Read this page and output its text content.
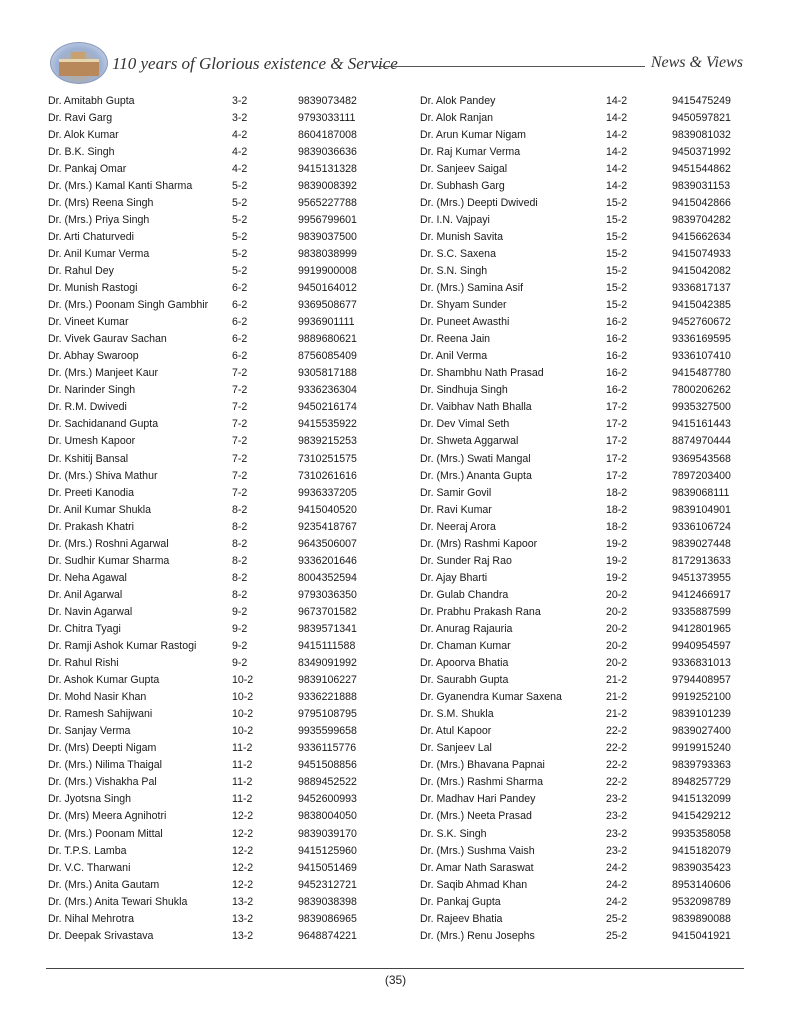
110 years of Glorious existence & Service	News & Views
Dr. Amitabh Gupta	3-2	9839073482	Dr. Alok Pandey	14-2	9415475249
Dr. Ravi Garg	3-2	9793033111	Dr. Alok Ranjan	14-2	9450597821
Dr. Alok Kumar	4-2	8604187008	Dr. Arun Kumar Nigam	14-2	9839081032
Dr. B.K. Singh	4-2	9839036636	Dr. Raj Kumar Verma	14-2	9450371992
Dr. Pankaj Omar	4-2	9415131328	Dr. Sanjeev Saigal	14-2	9451544862
Dr. (Mrs.) Kamal Kanti Sharma	5-2	9839008392	Dr. Subhash Garg	14-2	9839031153
Dr. (Mrs) Reena Singh	5-2	9565227788	Dr. (Mrs.) Deepti Dwivedi	15-2	9415042866
Dr. (Mrs.) Priya Singh	5-2	9956799601	Dr. I.N. Vajpayi	15-2	9839704282
Dr. Arti Chaturvedi	5-2	9839037500	Dr. Munish Savita	15-2	9415662634
Dr. Anil Kumar Verma	5-2	9838038999	Dr. S.C. Saxena	15-2	9415074933
Dr. Rahul Dey	5-2	9919900008	Dr. S.N. Singh	15-2	9415042082
Dr. Munish Rastogi	6-2	9450164012	Dr. (Mrs.) Samina Asif	15-2	9336817137
Dr. (Mrs.) Poonam Singh Gambhir	6-2	9369508677	Dr. Shyam Sunder	15-2	9415042385
Dr. Vineet Kumar	6-2	9936901111	Dr. Puneet Awasthi	16-2	9452760672
Dr. Vivek Gaurav Sachan	6-2	9889680621	Dr. Reena Jain	16-2	9336169595
Dr. Abhay Swaroop	6-2	8756085409	Dr. Anil Verma	16-2	9336107410
Dr. (Mrs.) Manjeet Kaur	7-2	9305817188	Dr. Shambhu Nath Prasad	16-2	9415487780
Dr. Narinder Singh	7-2	9336236304	Dr. Sindhuja Singh	16-2	7800206262
Dr. R.M. Dwivedi	7-2	9450216174	Dr. Vaibhav Nath Bhalla	17-2	9935327500
Dr. Sachidanand Gupta	7-2	9415535922	Dr. Dev Vimal Seth	17-2	9415161443
Dr. Umesh Kapoor	7-2	9839215253	Dr. Shweta Aggarwal	17-2	8874970444
Dr. Kshitij Bansal	7-2	7310251575	Dr. (Mrs.) Swati Mangal	17-2	9369543568
Dr. (Mrs.) Shiva Mathur	7-2	7310261616	Dr. (Mrs.) Ananta Gupta	17-2	7897203400
Dr. Preeti Kanodia	7-2	9936337205	Dr. Samir Govil	18-2	9839068111
Dr. Anil Kumar Shukla	8-2	9415040520	Dr. Ravi Kumar	18-2	9839104901
Dr. Prakash Khatri	8-2	9235418767	Dr. Neeraj Arora	18-2	9336106724
Dr. (Mrs.) Roshni Agarwal	8-2	9643506007	Dr. (Mrs) Rashmi Kapoor	19-2	9839027448
Dr. Sudhir Kumar Sharma	8-2	9336201646	Dr. Sunder Raj Rao	19-2	8172913633
Dr. Neha Agawal	8-2	8004352594	Dr. Ajay Bharti	19-2	9451373955
Dr. Anil Agarwal	8-2	9793036350	Dr. Gulab Chandra	20-2	9412466917
Dr. Navin Agarwal	9-2	9673701582	Dr. Prabhu Prakash Rana	20-2	9335887599
Dr. Chitra Tyagi	9-2	9839571341	Dr. Anurag Rajauria	20-2	9412801965
Dr. Ramji Ashok Kumar Rastogi	9-2	9415111588	Dr. Chaman Kumar	20-2	9940954597
Dr. Rahul Rishi	9-2	8349091992	Dr. Apoorva Bhatia	20-2	9336831013
Dr. Ashok Kumar Gupta	10-2	9839106227	Dr. Saurabh Gupta	21-2	9794408957
Dr. Mohd Nasir Khan	10-2	9336221888	Dr. Gyanendra Kumar Saxena	21-2	9919252100
Dr. Ramesh Sahijwani	10-2	9795108795	Dr. S.M. Shukla	21-2	9839101239
Dr. Sanjay Verma	10-2	9935599658	Dr. Atul Kapoor	22-2	9839027400
Dr. (Mrs) Deepti Nigam	11-2	9336115776	Dr. Sanjeev Lal	22-2	9919915240
Dr. (Mrs.) Nilima Thaigal	11-2	9451508856	Dr. (Mrs.) Bhavana Papnai	22-2	9839793363
Dr. (Mrs.) Vishakha Pal	11-2	9889452522	Dr. (Mrs.) Rashmi Sharma	22-2	8948257729
Dr. Jyotsna Singh	11-2	9452600993	Dr. Madhav Hari Pandey	23-2	9415132099
Dr. (Mrs) Meera Agnihotri	12-2	9838004050	Dr. (Mrs.) Neeta Prasad	23-2	9415429212
Dr. (Mrs.) Poonam Mittal	12-2	9839039170	Dr. S.K. Singh	23-2	9935358058
Dr. T.P.S. Lamba	12-2	9415125960	Dr. (Mrs.) Sushma Vaish	23-2	9415182079
Dr. V.C. Tharwani	12-2	9415051469	Dr. Amar Nath Saraswat	24-2	9839035423
Dr. (Mrs.) Anita Gautam	12-2	9452312721	Dr. Saqib Ahmad Khan	24-2	8953140606
Dr. (Mrs.) Anita Tewari Shukla	13-2	9839038398	Dr. Pankaj Gupta	24-2	9532098789
Dr. Nihal Mehrotra	13-2	9839086965	Dr. Rajeev Bhatia	25-2	9839890088
Dr. Deepak Srivastava	13-2	9648874221	Dr. (Mrs.) Renu Josephs	25-2	9415041921
(35)
